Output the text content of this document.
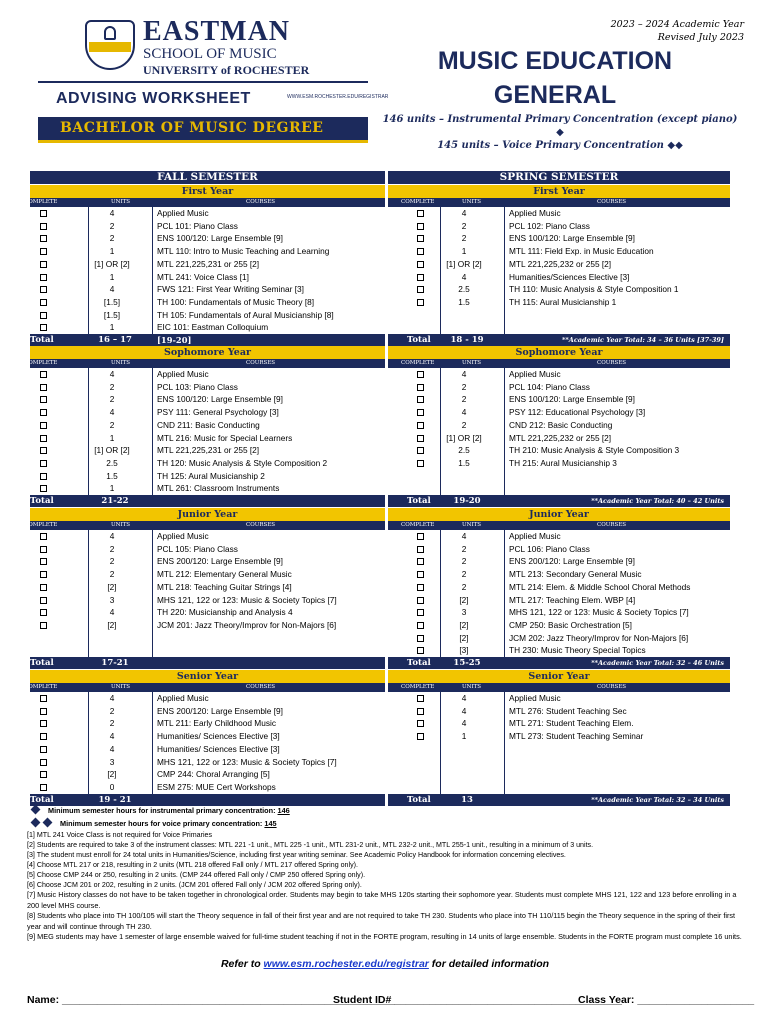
EASTMAN
SCHOOL OF MUSIC
UNIVERSITY of ROCHESTER
ADVISING WORKSHEET	WWW.ESM.ROCHESTER.EDU/REGISTRAR
BACHELOR OF MUSIC DEGREE
2023 – 2024 Academic Year
Revised July 2023
MUSIC EDUCATION
GENERAL
146 units – Instrumental Primary Concentration (except piano) ◆
145 units – Voice Primary Concentration ◆◆
FALL SEMESTER	SPRING SEMESTER
First Year
COMPLETE	UNITS	COURSES
4	Applied Music
2	PCL 101: Piano Class
2	ENS 100/120: Large Ensemble [9]
1	MTL 110: Intro to Music Teaching and Learning
[1] OR [2]	MTL 221,225,231 or 255 [2]
1	MTL 241: Voice Class [1]
4	FWS 121: First Year Writing Seminar [3]
[1.5]	TH 100: Fundamentals of Music Theory [8]
[1.5]	TH 105: Fundamentals of Aural Musicianship [8]
1	EIC 101: Eastman Colloquium
Total	16 – 17	[19-20]
First Year
COMPLETE	UNITS	COURSES
4	Applied Music
2	PCL 102: Piano Class
2	ENS 100/120: Large Ensemble [9]
1	MTL 111: Field Exp. in Music Education
[1] OR [2]	MTL 221,225,232 or 255 [2]
4	Humanities/Sciences Elective [3]
2.5	TH 110: Music Analysis & Style Composition 1
1.5	TH 115: Aural Musicianship 1
Total	18 - 19	**Academic Year Total: 34 – 36 Units [37-39]
Sophomore Year
COMPLETE	UNITS	COURSES
4	Applied Music
2	PCL 103: Piano Class
2	ENS 100/120: Large Ensemble [9]
4	PSY 111: General Psychology [3]
2	CND 211: Basic Conducting
1	MTL 216: Music for Special Learners
[1] OR [2]	MTL 221,225,231 or 255 [2]
2.5	TH 120: Music Analysis & Style Composition 2
1.5	TH 125: Aural Musicianship 2
1	MTL 261: Classroom Instruments
Total	21-22
Sophomore Year
COMPLETE	UNITS	COURSES
4	Applied Music
2	PCL 104: Piano Class
2	ENS 100/120: Large Ensemble [9]
4	PSY 112: Educational Psychology [3]
2	CND 212: Basic Conducting
[1] OR [2]	MTL 221,225,232 or 255 [2]
2.5	TH 210: Music Analysis & Style Composition 3
1.5	TH 215: Aural Musicianship 3
Total	19-20	**Academic Year Total: 40 – 42 Units
Junior Year
COMPLETE	UNITS	COURSES
4	Applied Music
2	PCL 105: Piano Class
2	ENS 200/120: Large Ensemble [9]
2	MTL 212: Elementary General Music
[2]	MTL 218: Teaching Guitar Strings [4]
3	MHS 121, 122 or 123: Music & Society Topics [7]
4	TH 220: Musicianship and Analysis 4
[2]	JCM 201: Jazz Theory/Improv for Non-Majors [6]
Total	17-21
Junior Year
COMPLETE	UNITS	COURSES
4	Applied Music
2	PCL 106: Piano Class
2	ENS 200/120: Large Ensemble [9]
2	MTL 213: Secondary General Music
2	MTL 214: Elem. & Middle School Choral Methods
[2]	MTL 217: Teaching Elem. WBP [4]
3	MHS 121, 122 or 123: Music & Society Topics [7]
[2]	CMP 250: Basic Orchestration [5]
[2]	JCM 202: Jazz Theory/Improv for Non-Majors [6]
[3]	TH 230: Music Theory Special Topics
Total	15-25	**Academic Year Total: 32 – 46 Units
Senior Year
COMPLETE	UNITS	COURSES
4	Applied Music
2	ENS 200/120: Large Ensemble [9]
2	MTL 211: Early Childhood Music
4	Humanities/ Sciences Elective [3]
4	Humanities/ Sciences Elective [3]
3	MHS 121, 122 or 123: Music & Society Topics [7]
[2]	CMP 244: Choral Arranging [5]
0	ESM 275: MUE Cert Workshops
Total	19 - 21
Senior Year
COMPLETE	UNITS	COURSES
4	Applied Music
4	MTL 276: Student Teaching Sec
4	MTL 271: Student Teaching Elem.
1	MTL 273: Student Teaching Seminar
Total	13	**Academic Year Total: 32 – 34 Units
Minimum semester hours for instrumental primary concentration: 146
Minimum semester hours for voice primary concentration: 145
[1] MTL 241 Voice Class is not required for Voice Primaries
[2] Students are required to take 3 of the instrument classes: MTL 221 -1 unit., MTL 225 -1 unit., MTL 231-2 unit., MTL 232-2 unit., MTL 255-1 unit., resulting in a minimum of 3 units.
[3] The student must enroll for 24 total units in Humanities/Science, including first year writing seminar. See Academic Policy Handbook for information concerning electives.
[4] Choose MTL 217 or 218, resulting in 2 units (MTL 218 offered Fall only / MTL 217 offered Spring only).
[5] Choose CMP 244 or 250, resulting in 2 units. (CMP 244 offered Fall only / CMP 250 offered Spring only).
[6] Choose JCM 201 or 202, resulting in 2 units. (JCM 201 offered Fall only / JCM 202 offered Spring only).
[7] Music History classes do not have to be taken together in chronological order. Students may begin to take MHS 120s starting their sophomore year. Students must complete MHS 121, 122 and 123 before enrolling in a 200 level MHS course.
[8] Students who place into TH 100/105 will start the Theory sequence in fall of their first year and are not required to take TH 230. Students who place into TH 110/115 begin the Theory sequence in the spring of their first year and will continue through TH 230.
[9] MEG students may have 1 semester of large ensemble waived for full-time student teaching if not in the FORTE program, resulting in 14 units of large ensemble. Students in the FORTE program must complete 16 units.
Refer to www.esm.rochester.edu/registrar for detailed information
Name: _________________________________________________________
Student ID# _______________________________________
Class Year: ____________________
